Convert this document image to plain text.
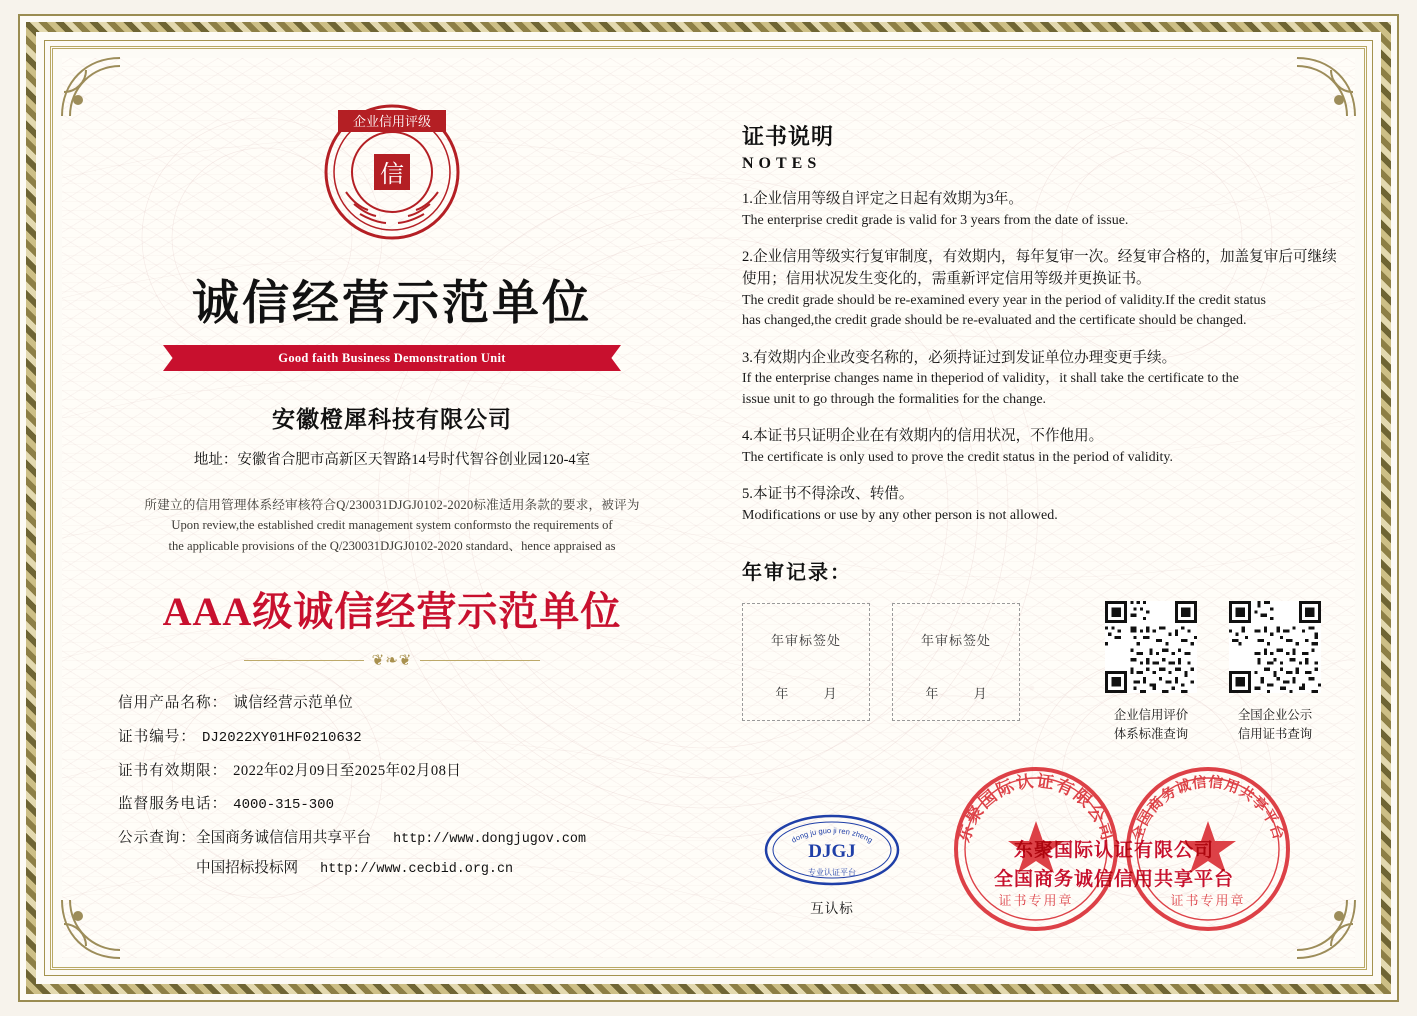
信
企业信用评级
诚信经营示范单位
Good faith Business Demonstration Unit
安徽橙犀科技有限公司
地址：安徽省合肥市高新区天智路14号时代智谷创业园120-4室
所建立的信用管理体系经审核符合Q/230031DJGJ0102-2020标准适用条款的要求，被评为
Upon review,the established credit management system conformsto the requirements of
the applicable provisions of the Q/230031DJGJ0102-2020 standard、hence appraised as
AAA级诚信经营示范单位
❦❧❦
信用产品名称： 诚信经营示范单位
证书编号： DJ2022XY01HF0210632
证书有效期限： 2022年02月09日至2025年02月08日
监督服务电话： 4000-315-300
公示查询： 全国商务诚信信用共享平台 http://www.dongjugov.com
中国招标投标网 http://www.cecbid.org.cn
证书说明
NOTES
1.企业信用等级自评定之日起有效期为3年。
The enterprise credit grade is valid for 3 years from the date of issue.
2.企业信用等级实行复审制度，有效期内，每年复审一次。经复审合格的，加盖复审后可继续使用；信用状况发生变化的，需重新评定信用等级并更换证书。
The credit grade should be re-examined every year in the period of validity.If the credit status
has changed,the credit grade should be re-evaluated and the certificate should be changed.
3.有效期内企业改变名称的，必须持证过到发证单位办理变更手续。
If the enterprise changes name in theperiod of validity，it shall take the certificate to the
issue unit to go through the formalities for the change.
4.本证书只证明企业在有效期内的信用状况，不作他用。
The certificate is only used to prove the credit status in the period of validity.
5.本证书不得涂改、转借。
Modifications or use by any other person is not allowed.
年审记录：
年审标签处
年 月
年审标签处
年 月
企业信用评价
体系标准查询
全国企业公示
信用证书查询
dong ju guo ji ren zheng
DJGJ
专业认证平台
互认标
东聚国际认证有限公司
证书专用章
全国商务诚信信用共享平台
证书专用章
东聚国际认证有限公司
全国商务诚信信用共享平台
